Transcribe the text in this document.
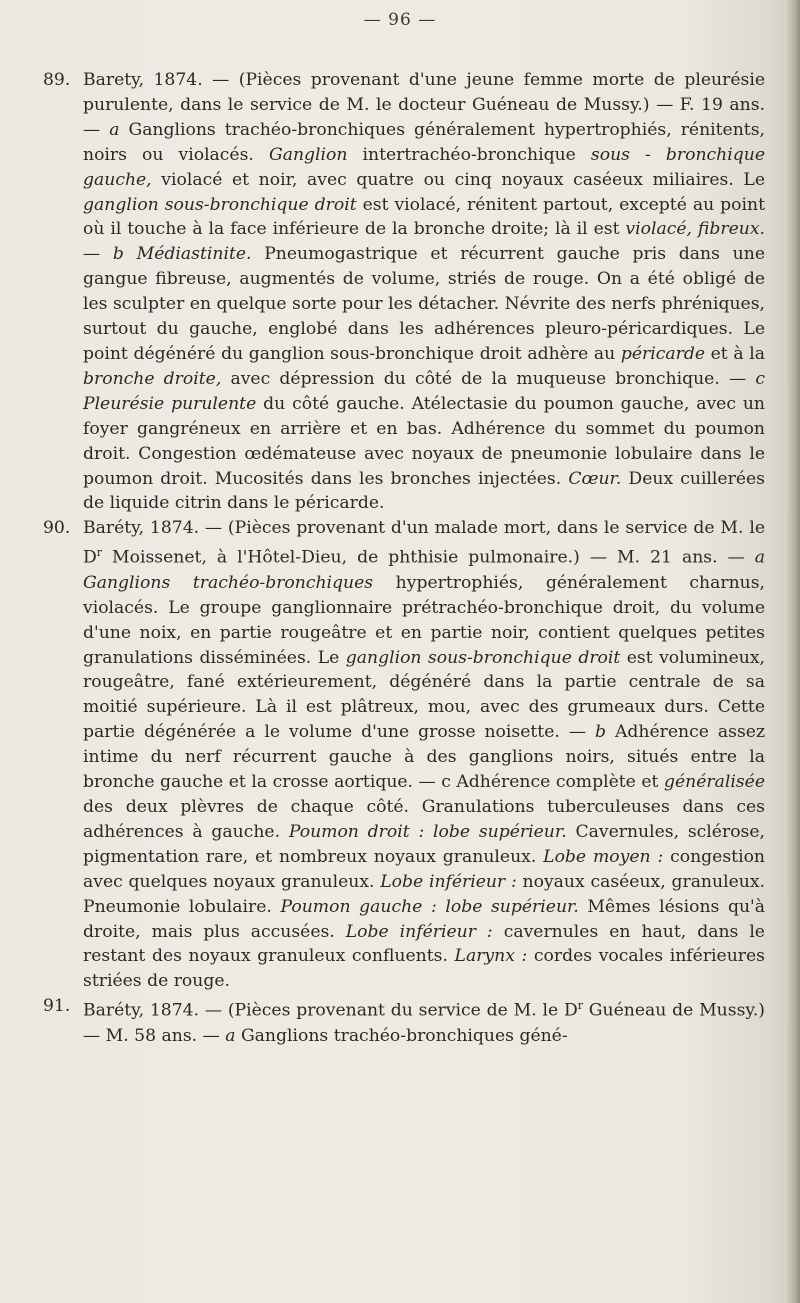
— 96 —

89. Barety, 1874. — (Pièces provenant d'une jeune femme morte de pleurésie purulente, dans le service de M. le docteur Guéneau de Mussy.) — F. 19 ans. — a Ganglions trachéo-bronchiques généralement hypertrophiés, rénitents, noirs ou violacés. Ganglion intertrachéo-bronchique sous - bronchique gauche, violacé et noir, avec quatre ou cinq noyaux caséeux miliaires. Le ganglion sous-bronchique droit est violacé, rénitent partout, excepté au point où il touche à la face inférieure de la bronche droite; là il est violacé, fibreux. — b Médiastinite. Pneumogastrique et récurrent gauche pris dans une gangue fibreuse, augmentés de volume, striés de rouge. On a été obligé de les sculpter en quelque sorte pour les détacher. Névrite des nerfs phréniques, surtout du gauche, englobé dans les adhérences pleuro-péricardiques. Le point dégénéré du ganglion sous-bronchique droit adhère au péricarde et à la bronche droite, avec dépression du côté de la muqueuse bronchique. — c Pleurésie purulente du côté gauche. Atélectasie du poumon gauche, avec un foyer gangréneux en arrière et en bas. Adhérence du sommet du poumon droit. Congestion œdémateuse avec noyaux de pneumonie lobulaire dans le poumon droit. Mucosités dans les bronches injectées. Cœur. Deux cuillerées de liquide citrin dans le péricarde.

90. Baréty, 1874. — (Pièces provenant d'un malade mort, dans le service de M. le $D^r$ Moissenet, à l'Hôtel-Dieu, de phthisie pulmonaire.) — M. 21 ans. — a Ganglions trachéo-bronchiques hypertrophiés, généralement charnus, violacés. Le groupe ganglionnaire prétrachéo-bronchique droit, du volume d'une noix, en partie rougeâtre et en partie noir, contient quelques petites granulations disséminées. Le ganglion sous-bronchique droit est volumineux, rougeâtre, fané extérieurement, dégénéré dans la partie centrale de sa moitié supérieure. Là il est plâtreux, mou, avec des grumeaux durs. Cette partie dégénérée a le volume d'une grosse noisette. — b Adhérence assez intime du nerf récurrent gauche à des ganglions noirs, situés entre la bronche gauche et la crosse aortique. — c Adhérence complète et généralisée des deux plèvres de chaque côté. Granulations tuberculeuses dans ces adhérences à gauche. Poumon droit : lobe supérieur. Cavernules, sclérose, pigmentation rare, et nombreux noyaux granuleux. Lobe moyen : congestion avec quelques noyaux granuleux. Lobe inférieur : noyaux caséeux, granuleux. Pneumonie lobulaire. Poumon gauche : lobe supérieur. Mêmes lésions qu'à droite, mais plus accusées. Lobe inférieur : cavernules en haut, dans le restant des noyaux granuleux confluents. Larynx : cordes vocales inférieures striées de rouge.

91. Baréty, 1874. — (Pièces provenant du service de M. le $D^r$ Guéneau de Mussy.) — M. 58 ans. — a Ganglions trachéo-bronchiques géné-
